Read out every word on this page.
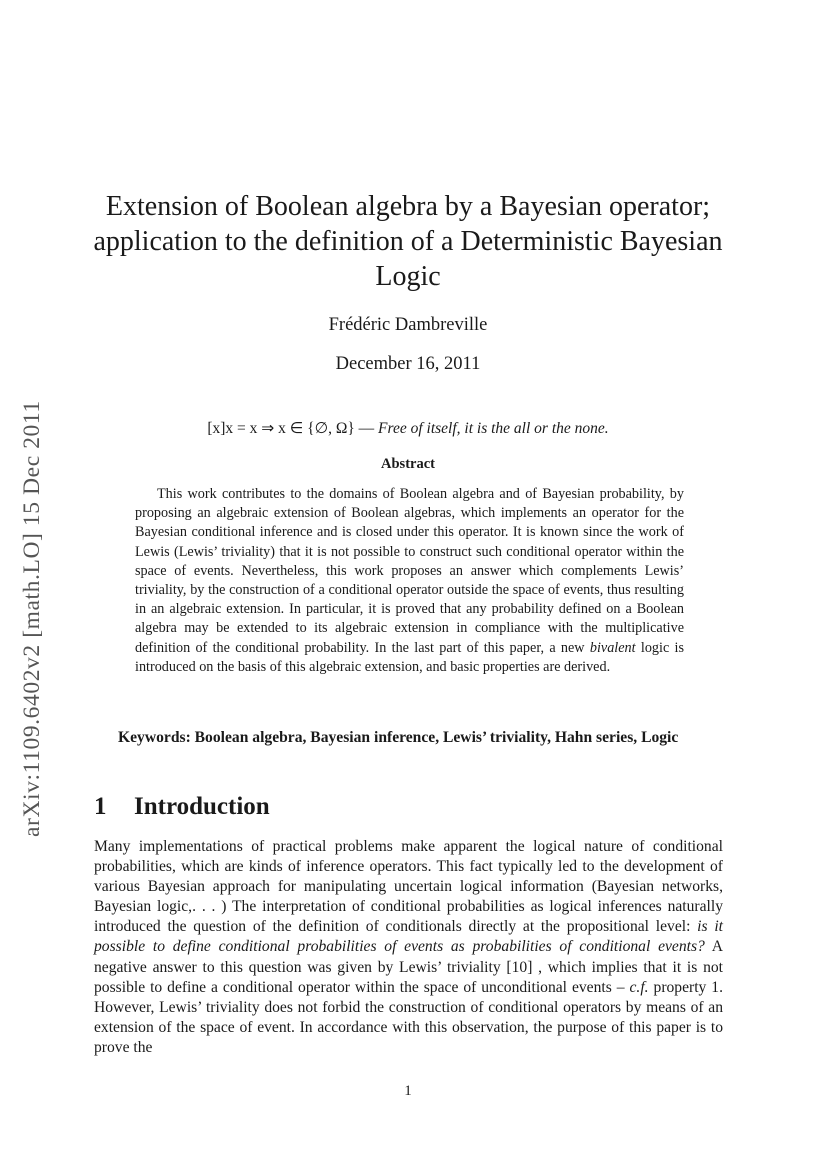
arXiv:1109.6402v2 [math.LO] 15 Dec 2011
Extension of Boolean algebra by a Bayesian operator; application to the definition of a Deterministic Bayesian Logic
Frédéric Dambreville
December 16, 2011
[x]x = x ⇒ x ∈ {∅, Ω} — Free of itself, it is the all or the none.
Abstract

This work contributes to the domains of Boolean algebra and of Bayesian probability, by proposing an algebraic extension of Boolean algebras, which implements an operator for the Bayesian conditional inference and is closed under this operator. It is known since the work of Lewis (Lewis’ triviality) that it is not possible to construct such conditional operator within the space of events. Nevertheless, this work proposes an answer which complements Lewis’ triviality, by the construction of a conditional operator outside the space of events, thus resulting in an algebraic extension. In particular, it is proved that any probability defined on a Boolean algebra may be extended to its algebraic extension in compliance with the multiplicative definition of the conditional probability. In the last part of this paper, a new bivalent logic is introduced on the basis of this algebraic extension, and basic properties are derived.

Keywords: Boolean algebra, Bayesian inference, Lewis’ triviality, Hahn series, Logic

1 Introduction

Many implementations of practical problems make apparent the logical nature of conditional probabilities, which are kinds of inference operators. This fact typically led to the development of various Bayesian approach for manipulating uncertain logical information (Bayesian networks, Bayesian logic,. . . ) The interpretation of conditional probabilities as logical inferences naturally introduced the question of the definition of conditionals directly at the propositional level: is it possible to define conditional probabilities of events as probabilities of conditional events? A negative answer to this question was given by Lewis’ triviality [10] , which implies that it is not possible to define a conditional operator within the space of unconditional events – c.f. property 1. However, Lewis’ triviality does not forbid the construction of conditional operators by means of an extension of the space of event. In accordance with this observation, the purpose of this paper is to prove the

1
